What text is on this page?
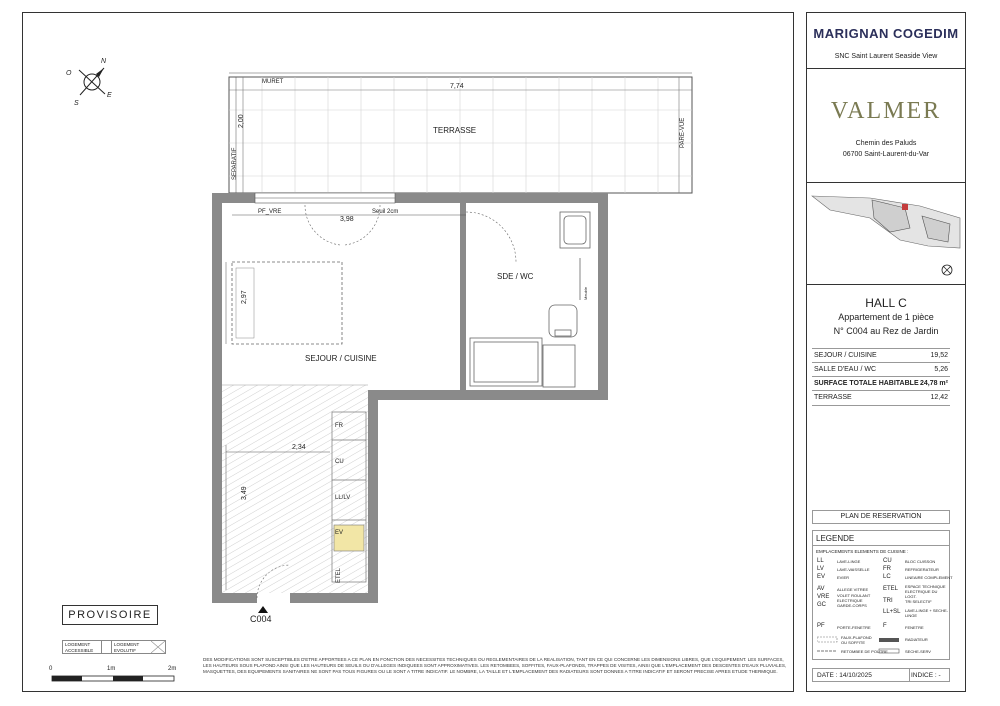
N
E
S
O
7,74
MURET
2,00
SEPARATIF
PARE-VUE
TERRASSE
PF_VRE
3,98
Seuil 2cm
2,97
SEJOUR / CUISINE
SDE / WC
Meuble
FR
2,34
CU
3,49	LL/LV
EV
ETEL
C004
PROVISOIRE
LOGEMENT ACCESSIBLE
LOGEMENT EVOLUTIF
0	1m	2m
DES MODIFICATIONS SONT SUSCEPTIBLES D'ETRE APPORTEES A CE PLAN EN FONCTION DES NECESSITES TECHNIQUES OU REGLEMENTAIRES DE LA REALISATION, TANT EN CE QUI CONCERNE LES DIMENSIONS LIBRES, QUE L'EQUIPEMENT. LES SURFACES, LES HAUTEURS SOUS PLAFOND AINSI QUE LES HAUTEURS DE SEUILS OU D'ALLEGES INDIQUEES SONT APPROXIMATIVES. LES RETOMBEES, SOFFITES, FAUX-PLAFONDS, TRAPPES DE VISITES, AINSI QUE L'EMPLACEMENT DES DESCENTES D'EAUX PLUVIALES, MASQUETTES, DES EQUIPEMENTS SANITAIRES NE SONT PAS TOUS FIGURES OU LE SONT A TITRE INDICATIF. LE NOMBRE, LA TAILLE ET L'EMPLACEMENT DES RADIATEURS SONT DONNES A TITRE INDICATIF ET SERONT PRECISE APRES ETUDE THERMIQUE.
MARIGNAN COGEDIM
SNC Saint Laurent Seaside View
VALMER
Chemin des Paluds
06700 Saint-Laurent-du-Var
HALL C
Appartement de 1 pièce
N° C004 au Rez de Jardin
SEJOUR / CUISINE	19,52
SALLE D'EAU / WC	5,26
SURFACE TOTALE HABITABLE 24,78 m²
TERRASSE	12,42
PLAN DE RESERVATION
LEGENDE
EMPLACEMENTS ELEMENTS DE CUISINE :
LL	LAVE-LINGE
LV	LAVE-VAISSELLE
EV	EVIER
AV	ALLEGE VITREE
VRE VOLET ROULANT ELECTRIQUE
GC	GARDE-CORPS
PF	PORTE-FENETRE
CU	BLOC CUISSON
FR	REFRIGERATEUR
LC	LINEAIRE COMPLEMENT
ETEL ESPACE TECHNIQUE ELECTRIQUE DU LOGT.
TRI	TRI SELECTIF
LL+SL LAVE-LINGE + SECHE-LINGE
F	FENETRE
FAUX-PLAFOND OU SOFFITE
RETOMBEE DE POUTRE
RADIATEUR
SECHE-SERV
DATE : 14/10/2025	INDICE : -
